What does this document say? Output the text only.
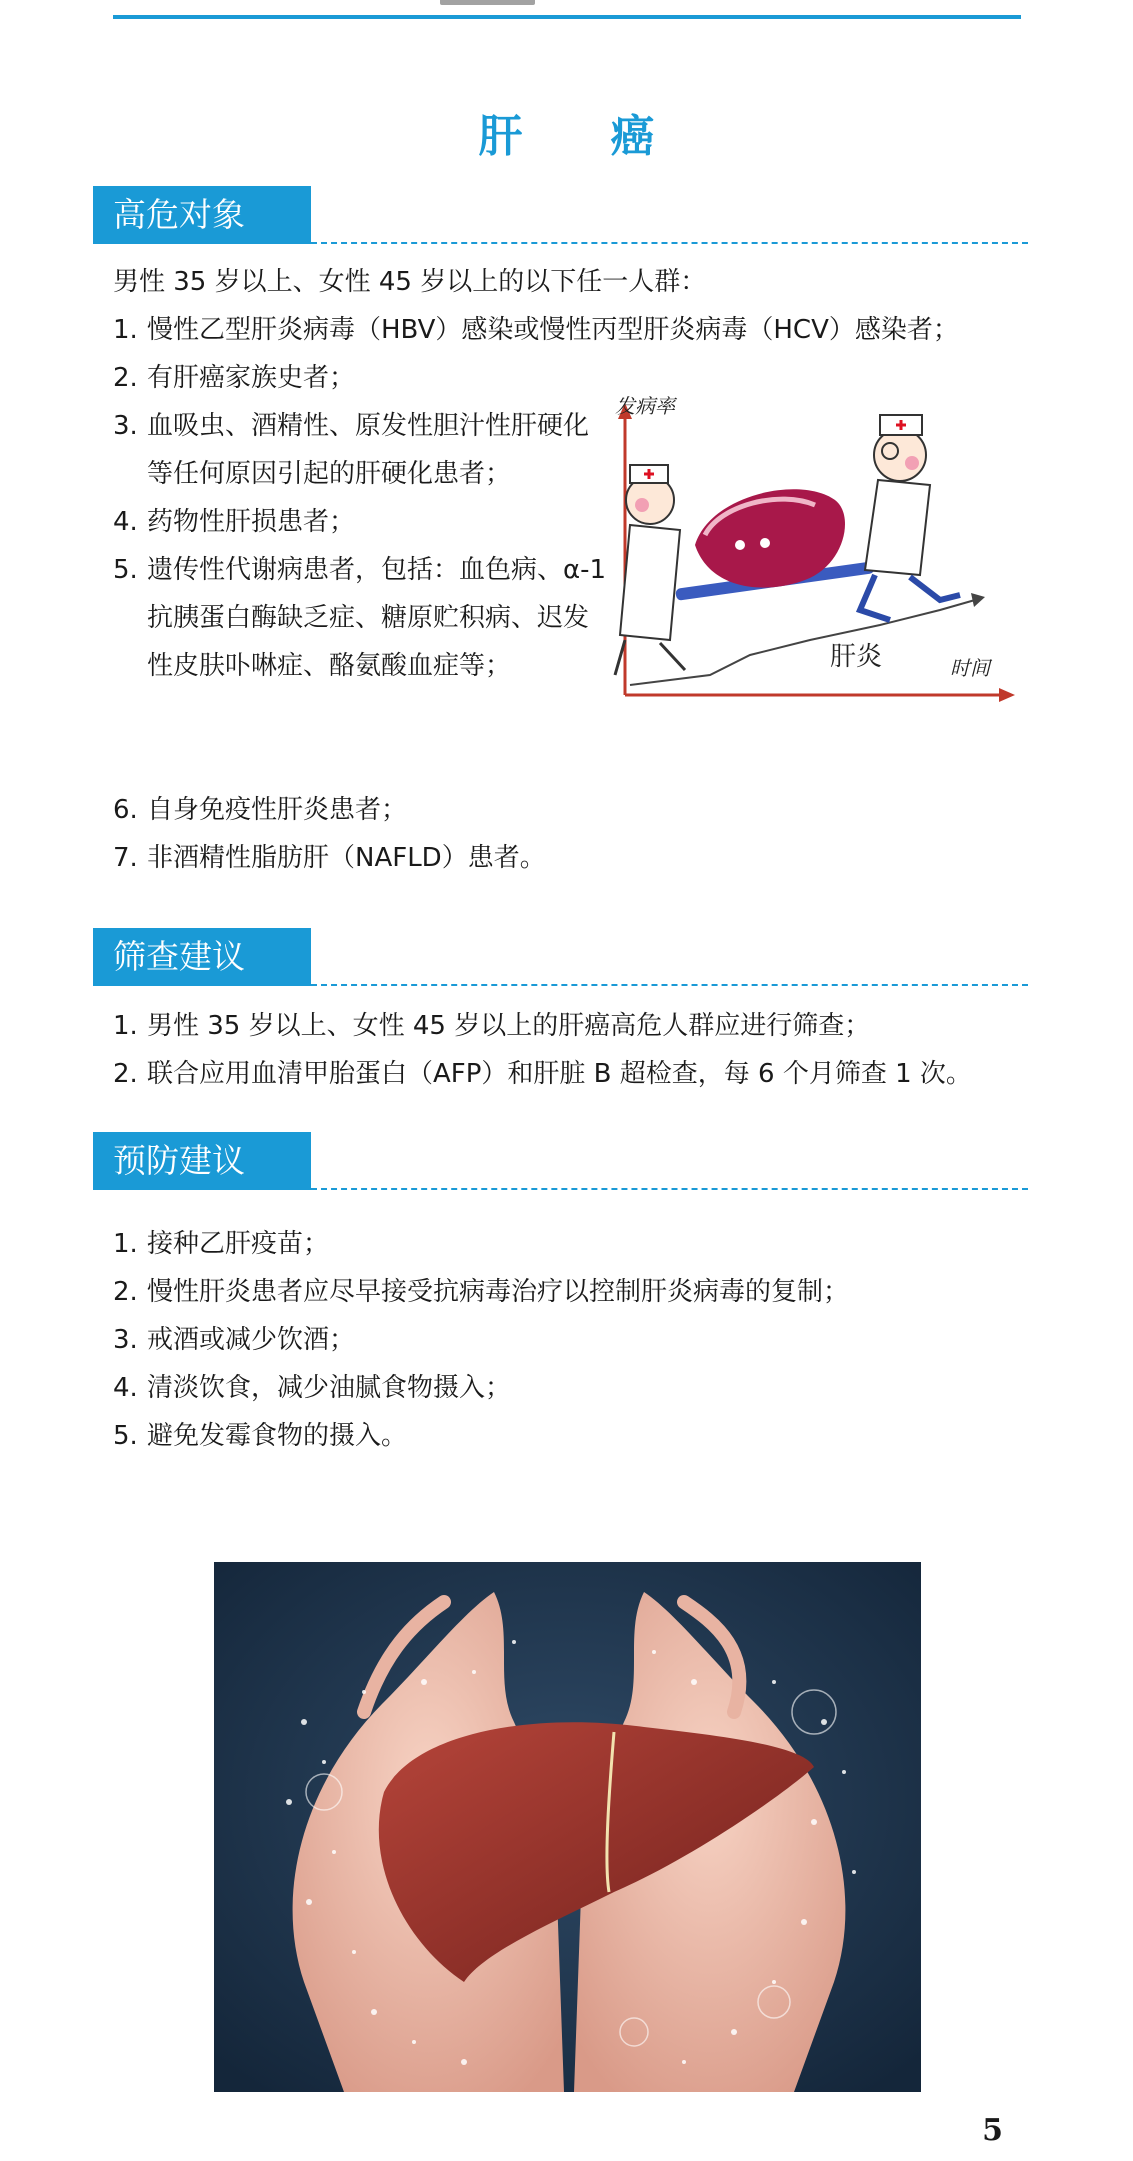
肝　癌
高危对象
男性 35 岁以上、女性 45 岁以上的以下任一人群：
1. 慢性乙型肝炎病毒（HBV）感染或慢性丙型肝炎病毒（HCV）感染者；
2. 有肝癌家族史者；
3. 血吸虫、酒精性、原发性胆汁性肝硬化等任何原因引起的肝硬化患者；
4. 药物性肝损患者；
5. 遗传性代谢病患者，包括：血色病、α-1 抗胰蛋白酶缺乏症、糖原贮积病、迟发性皮肤卟啉症、酪氨酸血症等；
6. 自身免疫性肝炎患者；
7. 非酒精性脂肪肝（NAFLD）患者。
发病率
时间
肝炎
筛查建议
1. 男性 35 岁以上、女性 45 岁以上的肝癌高危人群应进行筛查；
2. 联合应用血清甲胎蛋白（AFP）和肝脏 B 超检查，每 6 个月筛查 1 次。
预防建议
1. 接种乙肝疫苗；
2. 慢性肝炎患者应尽早接受抗病毒治疗以控制肝炎病毒的复制；
3. 戒酒或减少饮酒；
4. 清淡饮食，减少油腻食物摄入；
5. 避免发霉食物的摄入。
5
